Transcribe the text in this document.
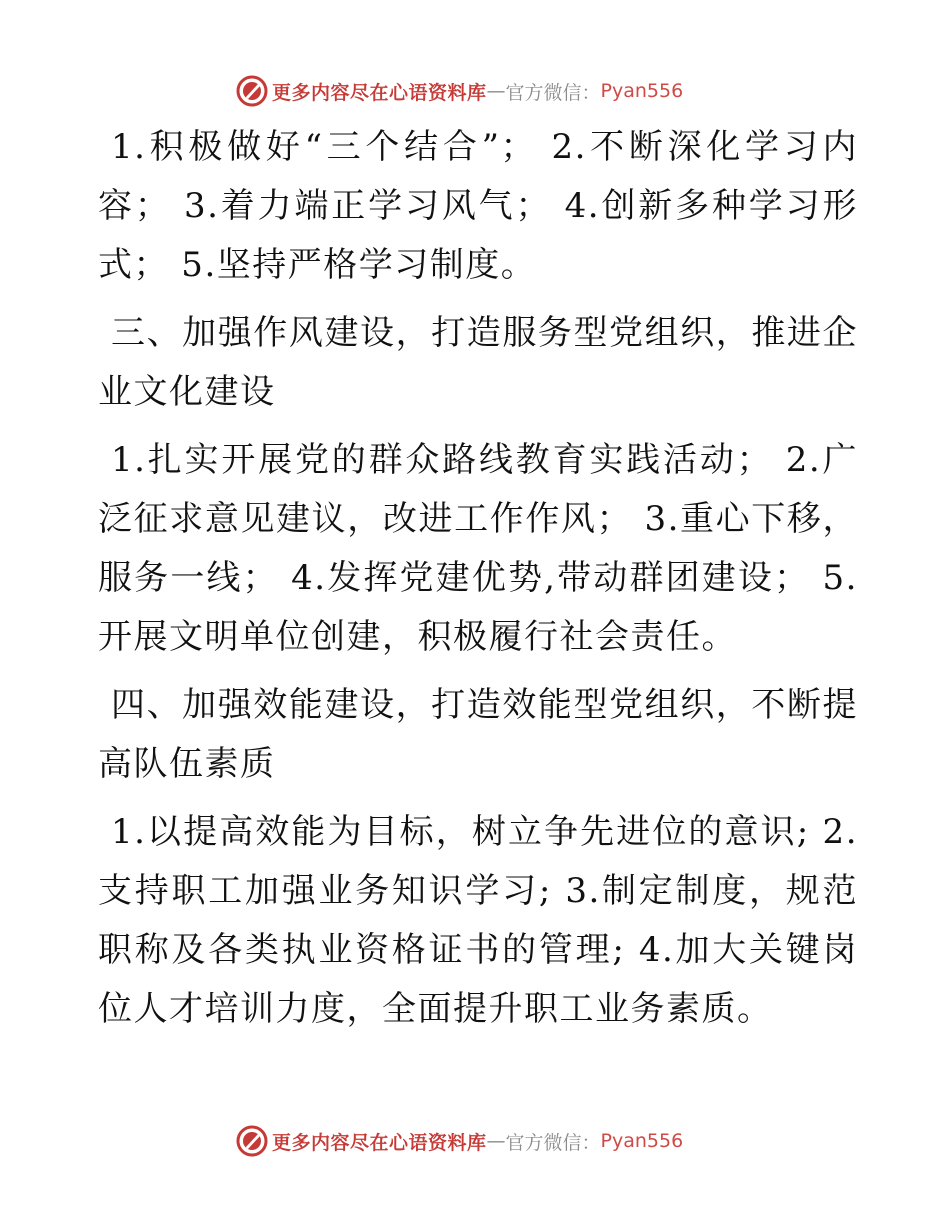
更多内容尽在心语资料库 — 官方微信： Pyan556

1.积极做好“三个结合”； 2.不断深化学习内容； 3.着力端正学习风气； 4.创新多种学习形式； 5.坚持严格学习制度。

三、加强作风建设，打造服务型党组织，推进企业文化建设

1.扎实开展党的群众路线教育实践活动； 2.广泛征求意见建议，改进工作作风； 3.重心下移，服务一线； 4.发挥党建优势,带动群团建设； 5.开展文明单位创建，积极履行社会责任。

四、加强效能建设，打造效能型党组织，不断提高队伍素质

1.以提高效能为目标，树立争先进位的意识; 2.支持职工加强业务知识学习; 3.制定制度，规范职称及各类执业资格证书的管理; 4.加大关键岗位人才培训力度，全面提升职工业务素质。

更多内容尽在心语资料库 — 官方微信： Pyan556
